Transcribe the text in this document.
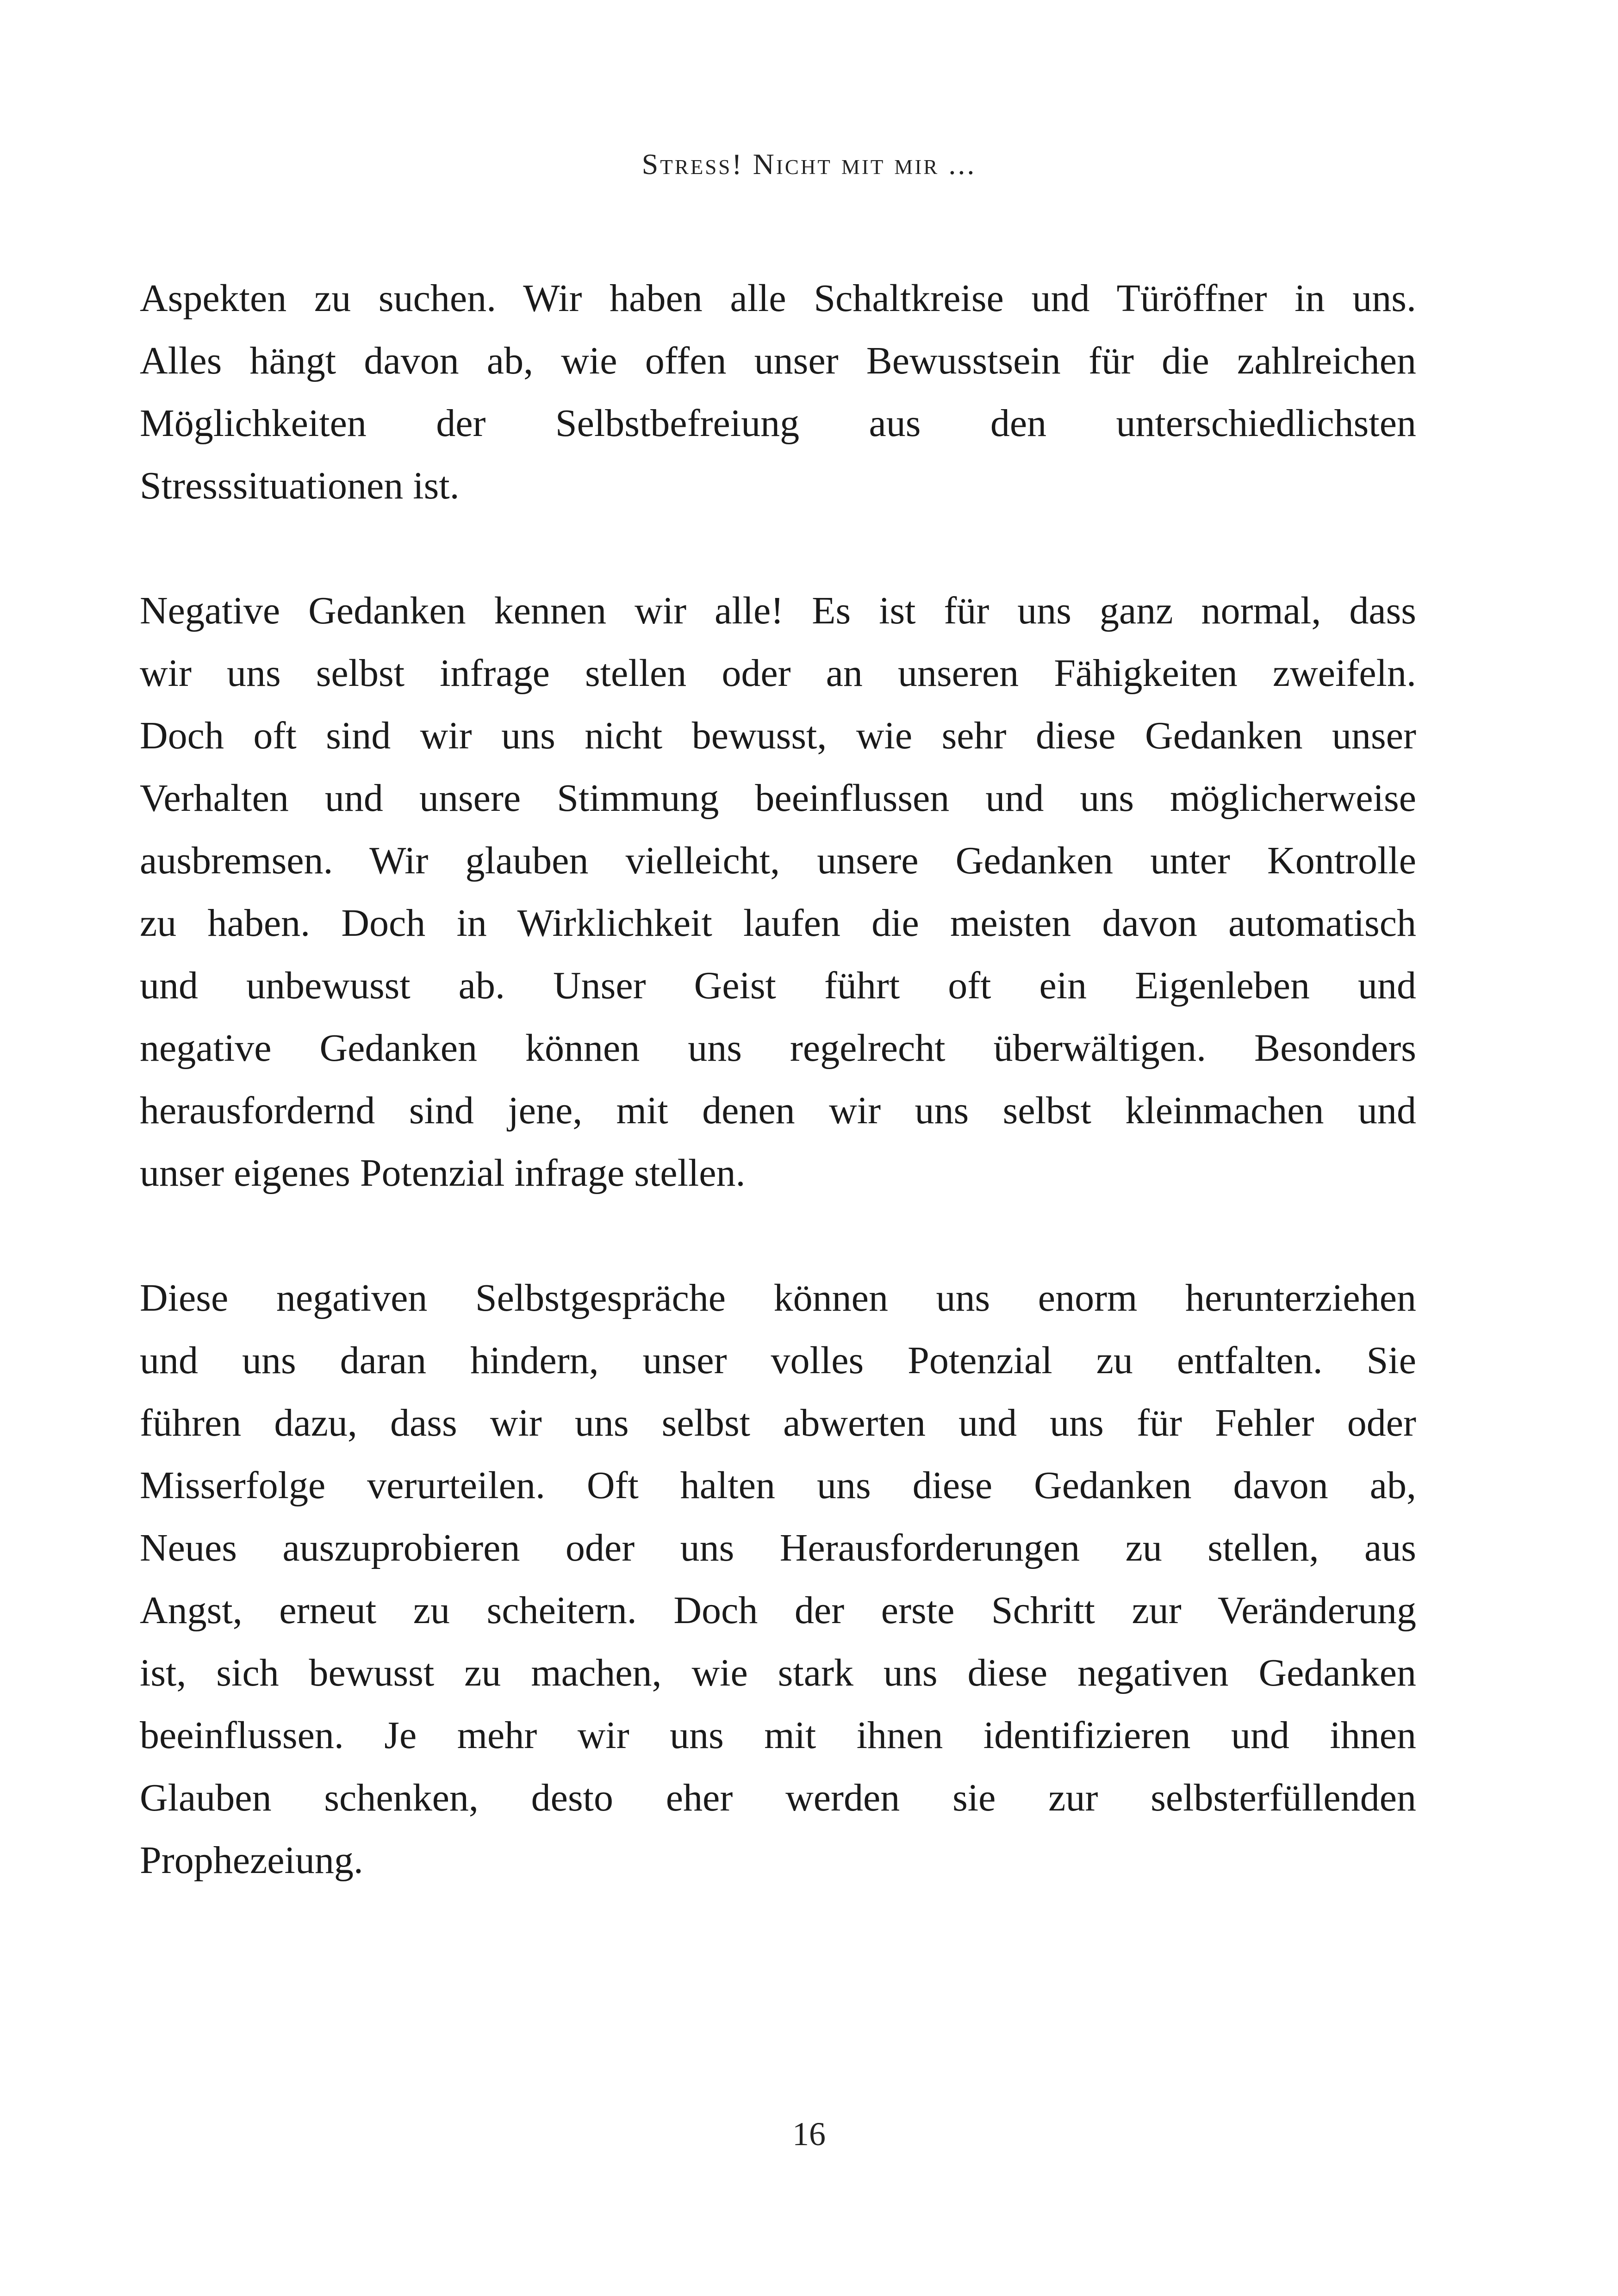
Stress! Nicht mit mir ...
Aspekten zu suchen. Wir haben alle Schaltkreise und Türöffner in uns.
Alles hängt davon ab, wie offen unser Bewusstsein für die zahlreichen
Möglichkeiten der Selbstbefreiung aus den unterschiedlichsten
Stresssituationen ist.
Negative Gedanken kennen wir alle! Es ist für uns ganz normal, dass
wir uns selbst infrage stellen oder an unseren Fähigkeiten zweifeln.
Doch oft sind wir uns nicht bewusst, wie sehr diese Gedanken unser
Verhalten und unsere Stimmung beeinflussen und uns möglicherweise
ausbremsen. Wir glauben vielleicht, unsere Gedanken unter Kontrolle
zu haben. Doch in Wirklichkeit laufen die meisten davon automatisch
und unbewusst ab. Unser Geist führt oft ein Eigenleben und
negative Gedanken können uns regelrecht überwältigen. Besonders
herausfordernd sind jene, mit denen wir uns selbst kleinmachen und
unser eigenes Potenzial infrage stellen.
Diese negativen Selbstgespräche können uns enorm herunterziehen
und uns daran hindern, unser volles Potenzial zu entfalten. Sie
führen dazu, dass wir uns selbst abwerten und uns für Fehler oder
Misserfolge verurteilen. Oft halten uns diese Gedanken davon ab,
Neues auszuprobieren oder uns Herausforderungen zu stellen, aus
Angst, erneut zu scheitern. Doch der erste Schritt zur Veränderung
ist, sich bewusst zu machen, wie stark uns diese negativen Gedanken
beeinflussen. Je mehr wir uns mit ihnen identifizieren und ihnen
Glauben schenken, desto eher werden sie zur selbsterfüllenden
Prophezeiung.
16
